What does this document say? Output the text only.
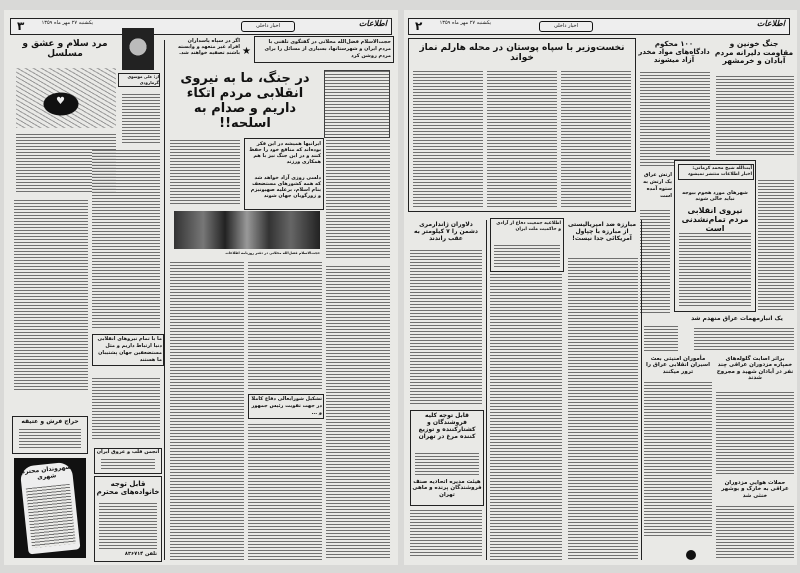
۳	یکشنبه ۲۷ مهر ماه ۱۳۵۹	اخبار داخلی	اطلاعات
مرد سلام و عشق و مسلسل
♥
از: علی موسوی گرمارودی
ما با تمام نیروهای انقلابی دنیا ارتباط داریم و مثل مستضعفین جهان پشتیبان ما هستند
اگر در سپاه پاسداران افراد غیر متعهد و وابسته باشند تصفیه خواهند شد. ★
حجت‌الاسلام فضل‌الله محلاتی در گفتگوی تلفنی با مردم ایران و شهرستانها، بسیاری از مسائل را برای مردم روشن کرد
در جنگ، ما به نیروی انقلابی مردم اتکاء داریم و صدام به اسلحه!!
ایرانیها همیشه در این فکر بوده‌اند که منافع خود را حفظ کنند و در این جنگ نیز با هم همکاری ورزند
دلسی روزی آزاد خواهد شد که همه کشورهای مستضعف بنام اسلام، برعلیه صهیونیزم و زورگویان جهان شوند
حجت‌الاسلام فضل‌الله محلاتی در دفتر روزنامه اطلاعات
تشکیل شورایعالی دفاع کاملا در جهت تقویت رئیس جمهور و ...
حراج فرش و عتیقه
شهروندان محترم شهری
انجمن قلب و عروق ایران
قابل توجه خانواده‌های محترم
تلفن ۸۳۶۷۱۴
۲	یکشنبه ۲۷ مهر ماه ۱۳۵۹	اخبار داخلی	اطلاعات
نخست‌وزیر با سپاه پوستان در محله هارلم نماز خواند
۱۰۰ محکوم دادگاه‌های مواد مخدر آزاد میشوند
ارتش عراق یک ارتش به ستوه آمده است
جنگ خونین و مقاومت دلیرانه مردم آبادان و خرمشهر
آیت‌الله شیخ محمد کرمانی: اخبار اطلاعات منتشر نمیشود
شهرهای مورد هجوم بیوجه نباید خالی شوند
نیروی انقلابی مردم تمام‌نشدنی است
دلاوران ژاندارمری دشمن را ۷ کیلومتر به عقب راندند
اطلاعیه جمعیت دفاع از آزادی و حاکمیت ملت ایران
مبارزه ضد امپریالیستی از مبارزه با چپاول آمریکائی جدا نیست!
یک انبارمهمات عراق منهدم شد
مأموران امنیتی بعث اسیران انقلابی عراق را ترور میکنند
براثر اصابت گلوله‌های خمپاره مزدوران عراقی چند نفر در آبادان شهید و مجروح شدند
حملات هوایی مزدوران عراقی به خارک و بوشهر خنثی شد
قابل توجه کلیه فروشندگان و کشتارکننده و توزیع کننده مرغ در تهران
هیئت مدیره اتحادیه صنف فروشندگان پرنده و ماهی تهران
